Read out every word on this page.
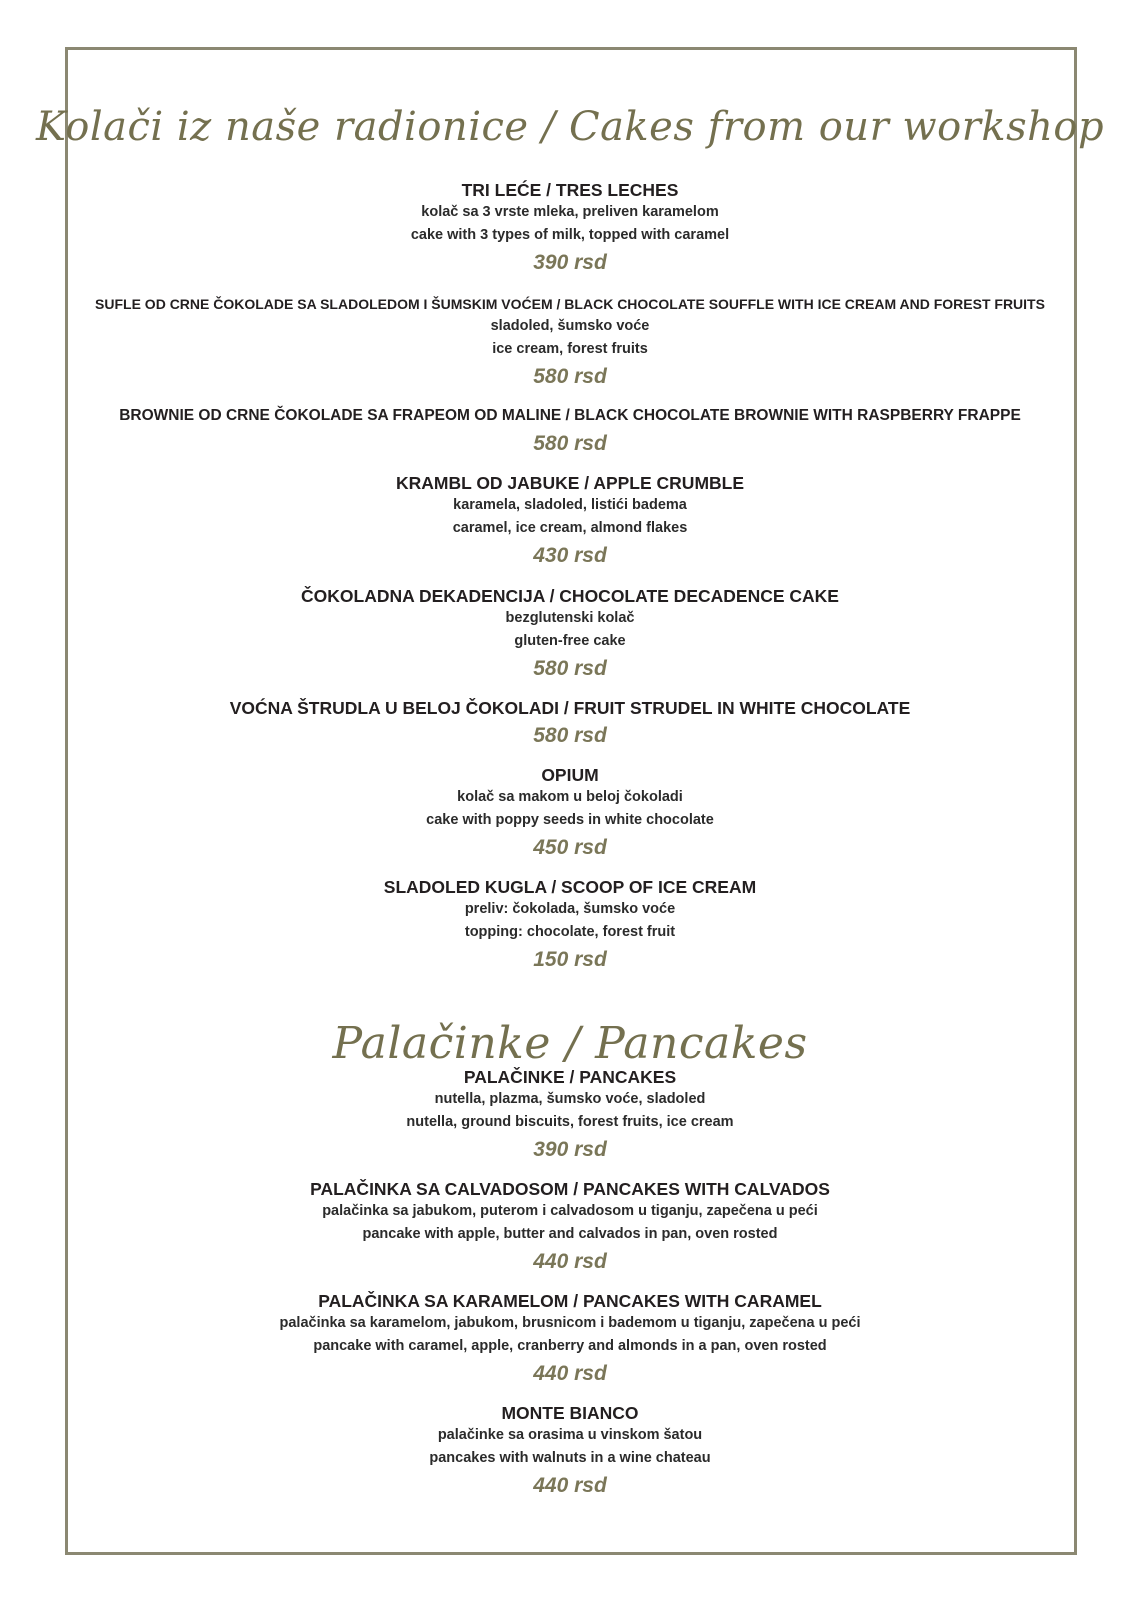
Kolači iz naše radionice / Cakes from our workshop
TRI LEĆE / TRES LECHES
kolač sa 3 vrste mleka, preliven karamelom
cake with 3 types of milk, topped with caramel
390 rsd
SUFLE OD CRNE ČOKOLADE SA SLADOLEDOM I ŠUMSKIM VOĆEM / BLACK CHOCOLATE SOUFFLE WITH ICE CREAM AND FOREST FRUITS
sladoled, šumsko voće
ice cream, forest fruits
580 rsd
BROWNIE OD CRNE ČOKOLADE SA FRAPEOM OD MALINE / BLACK CHOCOLATE BROWNIE WITH RASPBERRY FRAPPE
580 rsd
KRAMBL OD JABUKE / APPLE CRUMBLE
karamela, sladoled, listići badema
caramel, ice cream, almond flakes
430 rsd
ČOKOLADNA DEKADENCIJA / CHOCOLATE DECADENCE CAKE
bezglutenski kolač
gluten-free cake
580 rsd
VOĆNA ŠTRUDLA U BELOJ ČOKOLADI / FRUIT STRUDEL IN WHITE CHOCOLATE
580 rsd
OPIUM
kolač sa makom u beloj čokoladi
cake with poppy seeds in white chocolate
450 rsd
SLADOLED KUGLA / SCOOP OF ICE CREAM
preliv: čokolada, šumsko voće
topping: chocolate, forest fruit
150 rsd
Palačinke / Pancakes
PALAČINKE / PANCAKES
nutella, plazma, šumsko voće, sladoled
nutella, ground biscuits, forest fruits, ice cream
390 rsd
PALAČINKA SA CALVADOSOM / PANCAKES WITH CALVADOS
palačinka sa jabukom, puterom i calvadosom u tiganju, zapečena u peći
pancake with apple, butter and calvados in pan, oven rosted
440 rsd
PALAČINKA SA KARAMELOM / PANCAKES WITH CARAMEL
palačinka sa karamelom, jabukom, brusnicom i bademom u tiganju, zapečena u peći
pancake with caramel, apple, cranberry and almonds in a pan, oven rosted
440 rsd
MONTE BIANCO
palačinke sa orasima u vinskom šatou
pancakes with walnuts in a wine chateau
440 rsd
